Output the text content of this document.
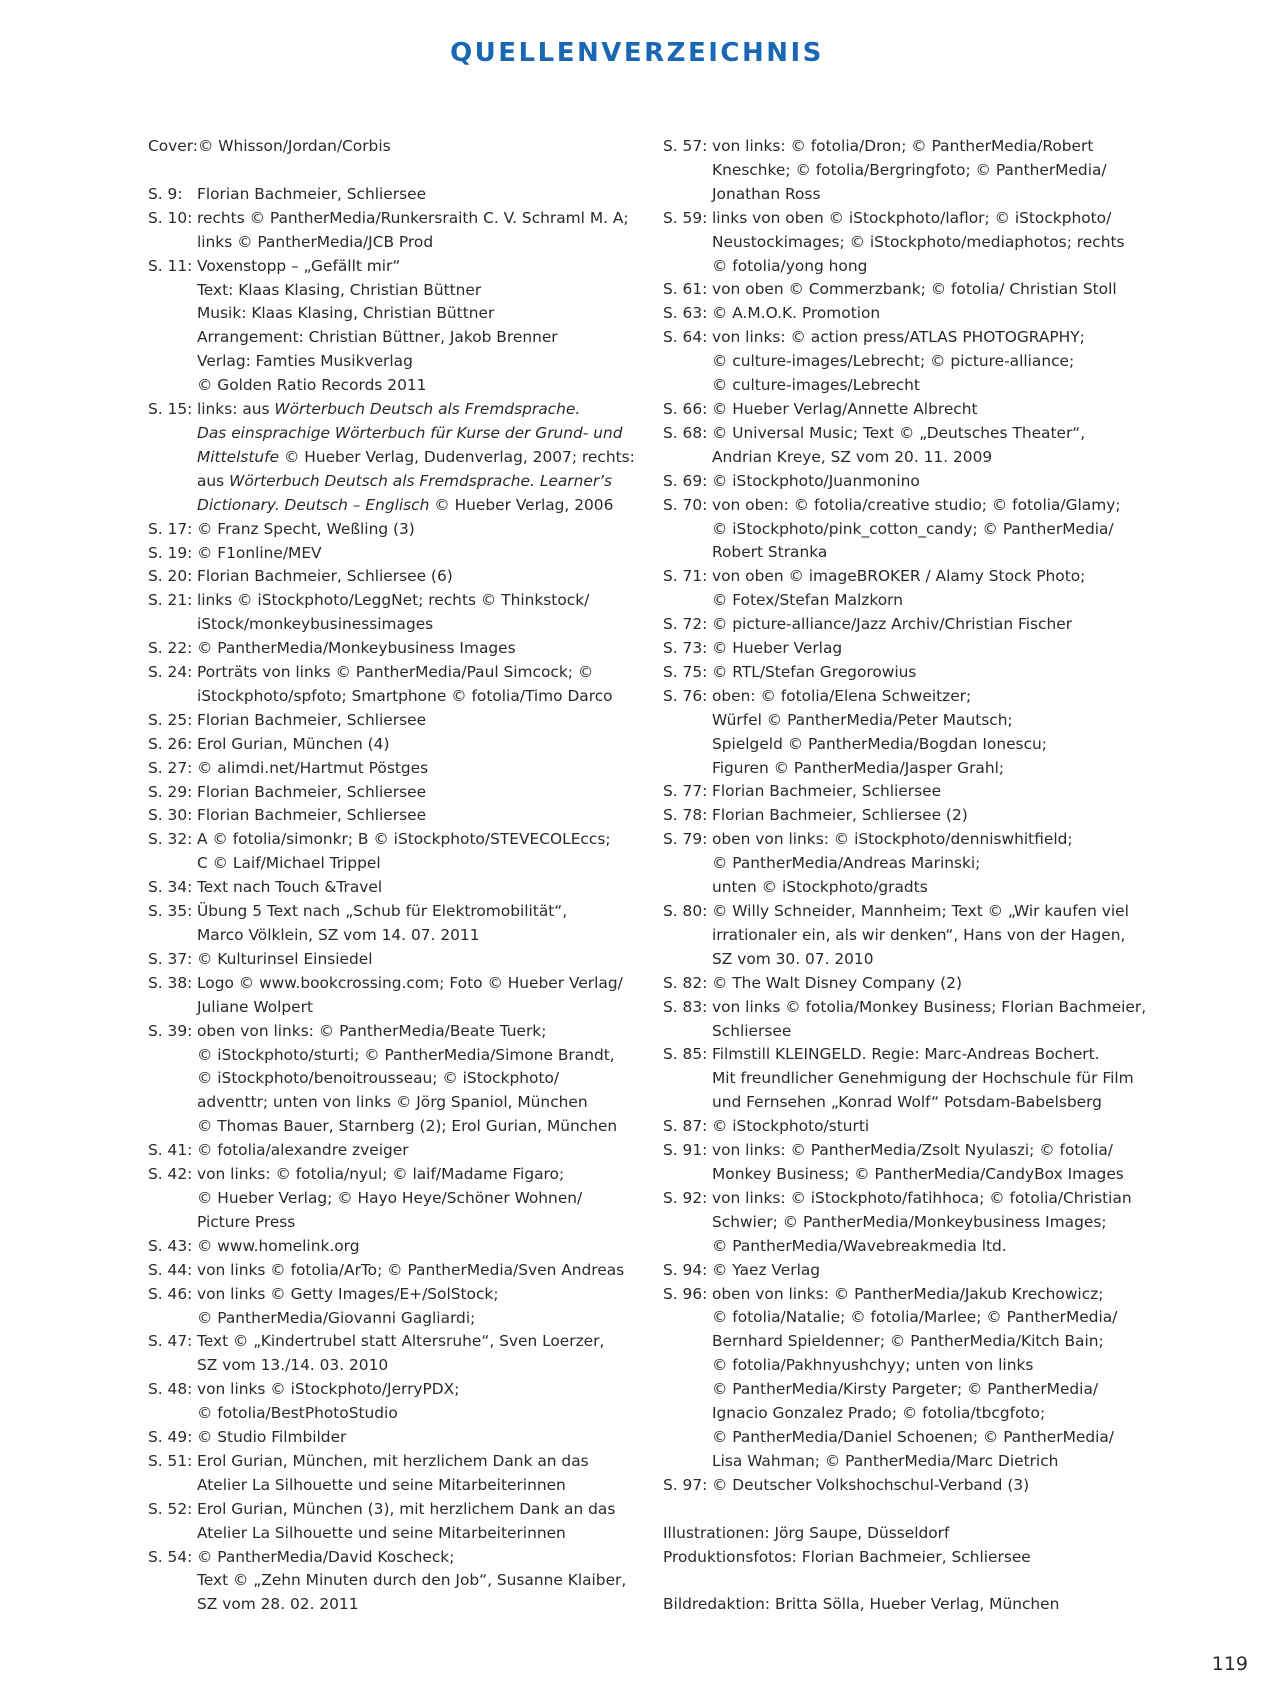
QUELLENVERZEICHNIS
Cover: © Whisson/Jordan/Corbis
S. 9: Florian Bachmeier, Schliersee
S. 10: rechts © PantherMedia/Runkersraith C. V. Schraml M. A;
links © PantherMedia/JCB Prod
S. 11: Voxenstopp – „Gefällt mir“
Text: Klaas Klasing, Christian Büttner
Musik: Klaas Klasing, Christian Büttner
Arrangement: Christian Büttner, Jakob Brenner
Verlag: Famties Musikverlag
© Golden Ratio Records 2011
S. 15: links: aus Wörterbuch Deutsch als Fremdsprache.
Das einsprachige Wörterbuch für Kurse der Grund- und
Mittelstufe © Hueber Verlag, Dudenverlag, 2007; rechts:
aus Wörterbuch Deutsch als Fremdsprache. Learner’s
Dictionary. Deutsch – Englisch © Hueber Verlag, 2006
S. 17: © Franz Specht, Weßling (3)
S. 19: © F1online/MEV
S. 20: Florian Bachmeier, Schliersee (6)
S. 21: links © iStockphoto/LeggNet; rechts © Thinkstock/
iStock/monkeybusinessimages
S. 22: © PantherMedia/Monkeybusiness Images
S. 24: Porträts von links © PantherMedia/Paul Simcock; ©
iStockphoto/spfoto; Smartphone © fotolia/Timo Darco
S. 25: Florian Bachmeier, Schliersee
S. 26: Erol Gurian, München (4)
S. 27: © alimdi.net/Hartmut Pöstges
S. 29: Florian Bachmeier, Schliersee
S. 30: Florian Bachmeier, Schliersee
S. 32: A © fotolia/simonkr; B © iStockphoto/STEVECOLEccs;
C © Laif/Michael Trippel
S. 34: Text nach Touch &Travel
S. 35: Übung 5 Text nach „Schub für Elektromobilität“,
Marco Völklein, SZ vom 14. 07. 2011
S. 37: © Kulturinsel Einsiedel
S. 38: Logo © www.bookcrossing.com; Foto © Hueber Verlag/
Juliane Wolpert
S. 39: oben von links: © PantherMedia/Beate Tuerk;
© iStockphoto/sturti; © PantherMedia/Simone Brandt,
© iStockphoto/benoitrousseau; © iStockphoto/
adventtr; unten von links © Jörg Spaniol, München
© Thomas Bauer, Starnberg (2); Erol Gurian, München
S. 41: © fotolia/alexandre zveiger
S. 42: von links: © fotolia/nyul; © laif/Madame Figaro;
© Hueber Verlag; © Hayo Heye/Schöner Wohnen/
Picture Press
S. 43: © www.homelink.org
S. 44: von links © fotolia/ArTo; © PantherMedia/Sven Andreas
S. 46: von links © Getty Images/E+/SolStock;
© PantherMedia/Giovanni Gagliardi;
S. 47: Text © „Kindertrubel statt Altersruhe“, Sven Loerzer,
SZ vom 13./14. 03. 2010
S. 48: von links © iStockphoto/JerryPDX;
© fotolia/BestPhotoStudio
S. 49: © Studio Filmbilder
S. 51: Erol Gurian, München, mit herzlichem Dank an das
Atelier La Silhouette und seine Mitarbeiterinnen
S. 52: Erol Gurian, München (3), mit herzlichem Dank an das
Atelier La Silhouette und seine Mitarbeiterinnen
S. 54: © PantherMedia/David Koscheck;
Text © „Zehn Minuten durch den Job“, Susanne Klaiber,
SZ vom 28. 02. 2011
S. 57: von links: © fotolia/Dron; © PantherMedia/Robert
Kneschke; © fotolia/Bergringfoto; © PantherMedia/
Jonathan Ross
S. 59: links von oben © iStockphoto/laflor; © iStockphoto/
Neustockimages; © iStockphoto/mediaphotos; rechts
© fotolia/yong hong
S. 61: von oben © Commerzbank; © fotolia/ Christian Stoll
S. 63: © A.M.O.K. Promotion
S. 64: von links: © action press/ATLAS PHOTOGRAPHY;
© culture-images/Lebrecht; © picture-alliance;
© culture-images/Lebrecht
S. 66: © Hueber Verlag/Annette Albrecht
S. 68: © Universal Music; Text © „Deutsches Theater“,
Andrian Kreye, SZ vom 20. 11. 2009
S. 69: © iStockphoto/Juanmonino
S. 70: von oben: © fotolia/creative studio; © fotolia/Glamy;
© iStockphoto/pink_cotton_candy; © PantherMedia/
Robert Stranka
S. 71: von oben © imageBROKER / Alamy Stock Photo;
© Fotex/Stefan Malzkorn
S. 72: © picture-alliance/Jazz Archiv/Christian Fischer
S. 73: © Hueber Verlag
S. 75: © RTL/Stefan Gregorowius
S. 76: oben: © fotolia/Elena Schweitzer;
Würfel © PantherMedia/Peter Mautsch;
Spielgeld © PantherMedia/Bogdan Ionescu;
Figuren © PantherMedia/Jasper Grahl;
S. 77: Florian Bachmeier, Schliersee
S. 78: Florian Bachmeier, Schliersee (2)
S. 79: oben von links: © iStockphoto/denniswhitfield;
© PantherMedia/Andreas Marinski;
unten © iStockphoto/gradts
S. 80: © Willy Schneider, Mannheim; Text © „Wir kaufen viel
irrationaler ein, als wir denken“, Hans von der Hagen,
SZ vom 30. 07. 2010
S. 82: © The Walt Disney Company (2)
S. 83: von links © fotolia/Monkey Business; Florian Bachmeier,
Schliersee
S. 85: Filmstill KLEINGELD. Regie: Marc-Andreas Bochert.
Mit freundlicher Genehmigung der Hochschule für Film
und Fernsehen „Konrad Wolf“ Potsdam-Babelsberg
S. 87: © iStockphoto/sturti
S. 91: von links: © PantherMedia/Zsolt Nyulaszi; © fotolia/
Monkey Business; © PantherMedia/CandyBox Images
S. 92: von links: © iStockphoto/fatihhoca; © fotolia/Christian
Schwier; © PantherMedia/Monkeybusiness Images;
© PantherMedia/Wavebreakmedia ltd.
S. 94: © Yaez Verlag
S. 96: oben von links: © PantherMedia/Jakub Krechowicz;
© fotolia/Natalie; © fotolia/Marlee; © PantherMedia/
Bernhard Spieldenner; © PantherMedia/Kitch Bain;
© fotolia/Pakhnyushchyy; unten von links
© PantherMedia/Kirsty Pargeter; © PantherMedia/
Ignacio Gonzalez Prado; © fotolia/tbcgfoto;
© PantherMedia/Daniel Schoenen; © PantherMedia/
Lisa Wahman; © PantherMedia/Marc Dietrich
S. 97: © Deutscher Volkshochschul-Verband (3)
Illustrationen: Jörg Saupe, Düsseldorf
Produktionsfotos: Florian Bachmeier, Schliersee
Bildredaktion: Britta Sölla, Hueber Verlag, München
119
